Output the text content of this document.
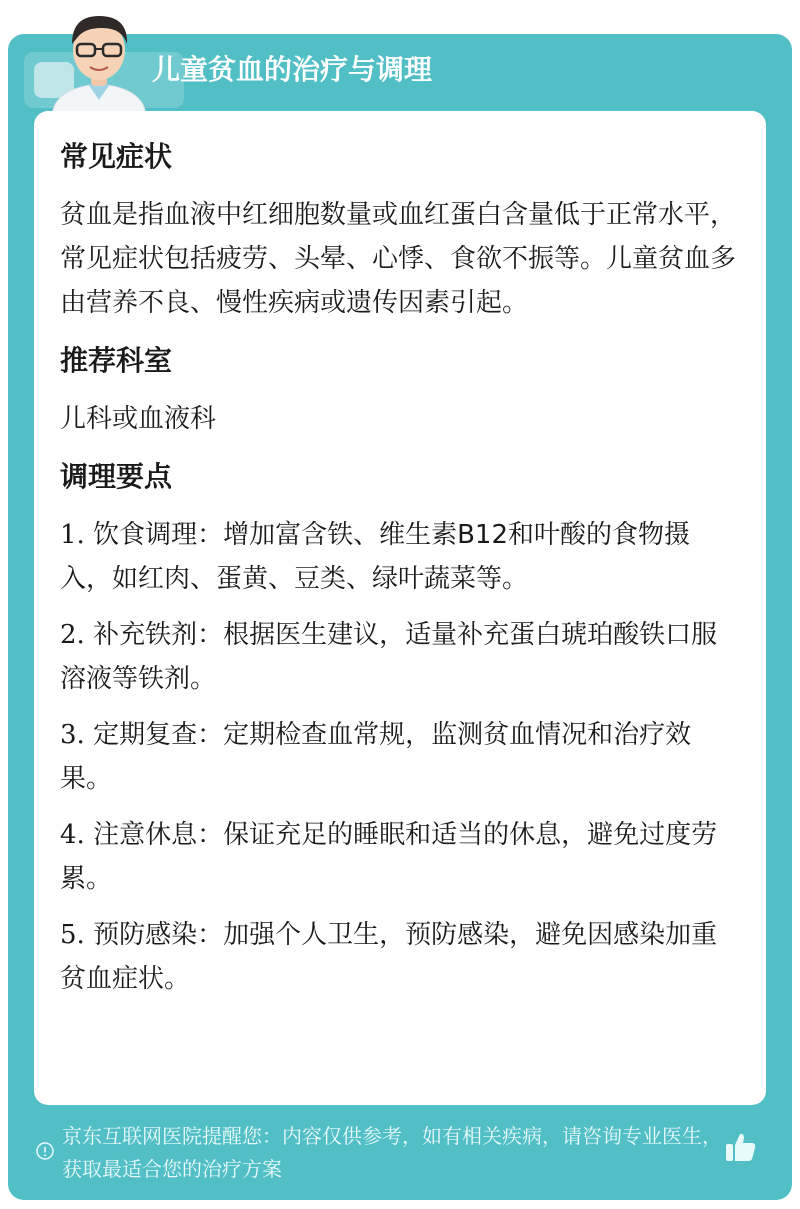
儿童贫血的治疗与调理
常见症状

贫血是指血液中红细胞数量或血红蛋白含量低于正常水平，常见症状包括疲劳、头晕、心悸、食欲不振等。儿童贫血多由营养不良、慢性疾病或遗传因素引起。

推荐科室

儿科或血液科

调理要点

1. 饮食调理：增加富含铁、维生素B12和叶酸的食物摄入，如红肉、蛋黄、豆类、绿叶蔬菜等。

2. 补充铁剂：根据医生建议，适量补充蛋白琥珀酸铁口服溶液等铁剂。

3. 定期复查：定期检查血常规，监测贫血情况和治疗效果。

4. 注意休息：保证充足的睡眠和适当的休息，避免过度劳累。

5. 预防感染：加强个人卫生，预防感染，避免因感染加重贫血症状。

京东互联网医院提醒您：内容仅供参考，如有相关疾病，请咨询专业医生，获取最适合您的治疗方案
